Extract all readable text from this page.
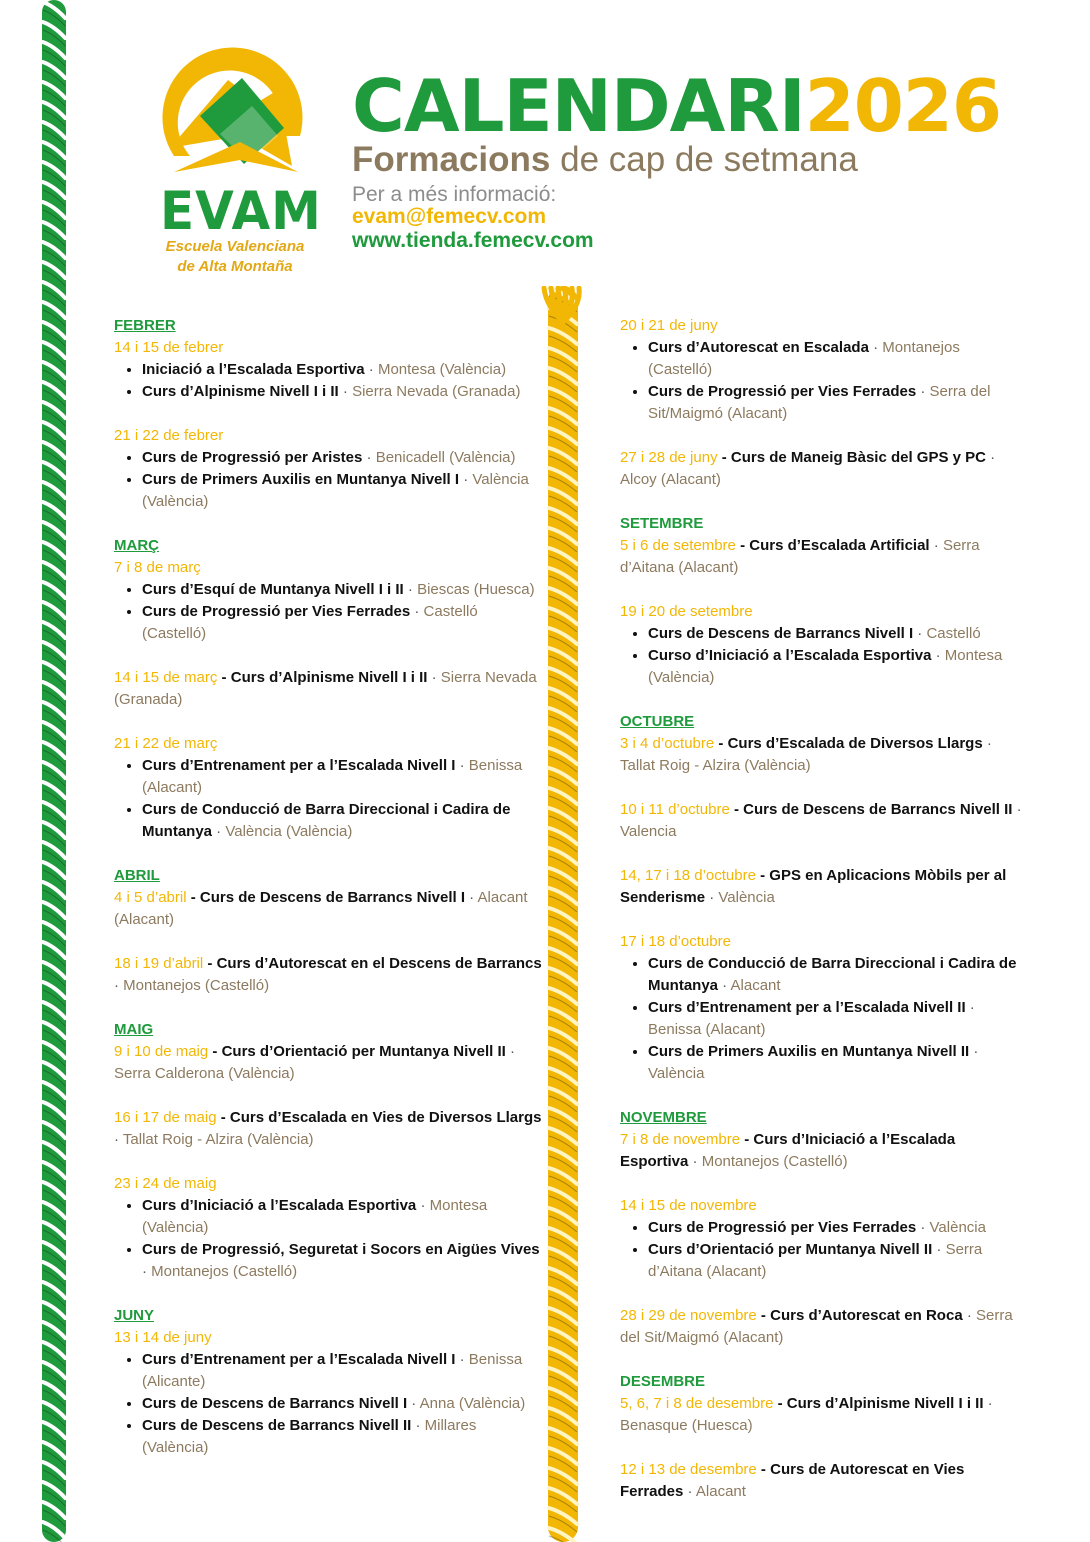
EVAM
Escuela Valenciana
de Alta Montaña
CALENDARI2026
Formacions de cap de setmana
Per a més informació:
evam@femecv.com
www.tienda.femecv.com
FEBRER
14 i 15 de febrer
• Iniciació a l’Escalada Esportiva · Montesa (València)
• Curs d’Alpinisme Nivell I i II · Sierra Nevada (Granada)
21 i 22 de febrer
• Curs de Progressió per Aristes · Benicadell (València)
• Curs de Primers Auxilis en Muntanya Nivell I · València (València)
MARÇ
7 i 8 de març
• Curs d’Esquí de Muntanya Nivell I i II · Biescas (Huesca)
• Curs de Progressió per Vies Ferrades · Castelló (Castelló)
14 i 15 de març - Curs d’Alpinisme Nivell I i II · Sierra Nevada (Granada)
21 i 22 de març
• Curs d’Entrenament per a l’Escalada Nivell I · Benissa (Alacant)
• Curs de Conducció de Barra Direccional i Cadira de Muntanya · València (València)
ABRIL
4 i 5 d’abril - Curs de Descens de Barrancs Nivell I · Alacant (Alacant)
18 i 19 d’abril - Curs d’Autorescat en el Descens de Barrancs · Montanejos (Castelló)
MAIG
9 i 10 de maig - Curs d’Orientació per Muntanya Nivell II · Serra Calderona (València)
16 i 17 de maig - Curs d’Escalada en Vies de Diversos Llargs · Tallat Roig - Alzira (València)
23 i 24 de maig
• Curs d’Iniciació a l’Escalada Esportiva · Montesa (València)
• Curs de Progressió, Seguretat i Socors en Aigües Vives · Montanejos (Castelló)
JUNY
13 i 14 de juny
• Curs d’Entrenament per a l’Escalada Nivell I · Benissa (Alicante)
• Curs de Descens de Barrancs Nivell I · Anna (València)
• Curs de Descens de Barrancs Nivell II · Millares (València)
20 i 21 de juny
• Curs d’Autorescat en Escalada · Montanejos (Castelló)
• Curs de Progressió per Vies Ferrades · Serra del Sit/Maigmó (Alacant)
27 i 28 de juny - Curs de Maneig Bàsic del GPS y PC · Alcoy (Alacant)
SETEMBRE
5 i 6 de setembre - Curs d’Escalada Artificial · Serra d’Aitana (Alacant)
19 i 20 de setembre
• Curs de Descens de Barrancs Nivell I · Castelló
• Curso d’Iniciació a l’Escalada Esportiva · Montesa (València)
OCTUBRE
3 i 4 d’octubre - Curs d’Escalada de Diversos Llargs · Tallat Roig - Alzira (València)
10 i 11 d’octubre - Curs de Descens de Barrancs Nivell II · Valencia
14, 17 i 18 d’octubre - GPS en Aplicacions Mòbils per al Senderisme · València
17 i 18 d’octubre
• Curs de Conducció de Barra Direccional i Cadira de Muntanya · Alacant
• Curs d’Entrenament per a l’Escalada Nivell II · Benissa (Alacant)
• Curs de Primers Auxilis en Muntanya Nivell II · València
NOVEMBRE
7 i 8 de novembre - Curs d’Iniciació a l’Escalada Esportiva · Montanejos (Castelló)
14 i 15 de novembre
• Curs de Progressió per Vies Ferrades · València
• Curs d’Orientació per Muntanya Nivell II · Serra d’Aitana (Alacant)
28 i 29 de novembre - Curs d’Autorescat en Roca · Serra del Sit/Maigmó (Alacant)
DESEMBRE
5, 6, 7 i 8 de desembre - Curs d’Alpinisme Nivell I i II · Benasque (Huesca)
12 i 13 de desembre - Curs de Autorescat en Vies Ferrades · Alacant
